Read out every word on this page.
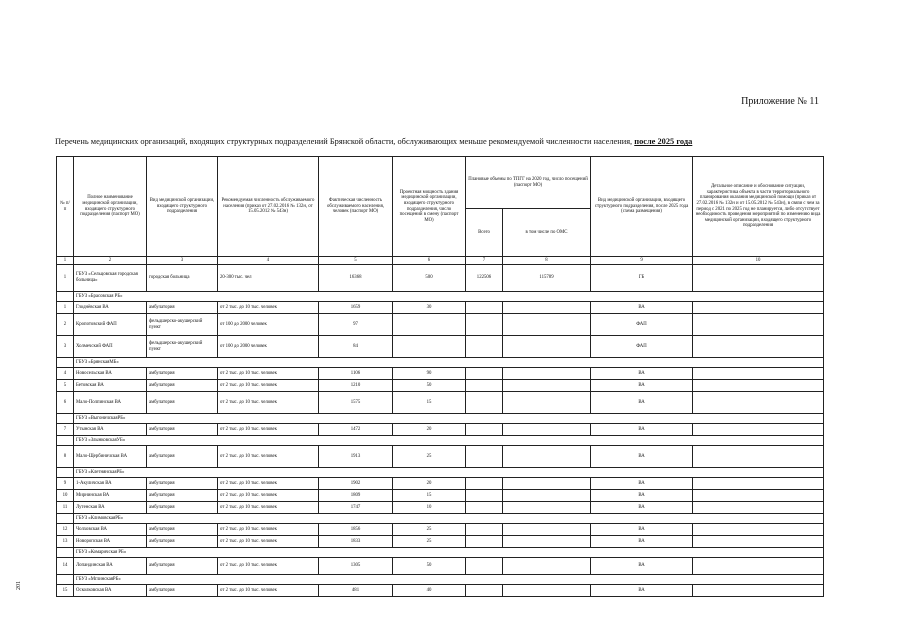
Приложение № 11
Перечень медицинских организаций, входящих структурных подразделений Брянской области, обслуживающих меньше рекомендуемой численности населения, после 2025 года
201
№ п/п	Полное наименование медицинской организации, входящего структурного подразделения (паспорт МО)	Вид медицинской организации, входящего структурного подразделения	Рекомендуемая численность обслуживаемого населения (приказ от 27.02.2016 № 132н, от 15.05.2012 № 543н)	Фактическая численность обслуживаемого населения, человек (паспорт МО)	Проектная мощность здания медицинской организации, входящего структурного подразделения, число посещений в смену (паспорт МО)	Плановые объемы по ТПГГ на 2020 год, число посещений (паспорт МО)		Вид медицинской организации, входящего структурного подразделения, после 2025 года (схема размещения)	Детальное описание и обоснование ситуации, характеристика объекта в части территориального планирования оказания медицинской помощи (приказ от 27.02.2016 № 132н и от 15.05.2012 № 543н), в связи с чем за период с 2021 по 2025 год не планируется, либо отсутствует необходимость проведения мероприятий по изменению вида медицинской организации, входящего структурного подразделения
						Всего	в том числе по ОМС		
1	2	3	4	5	6	7	8	9	10
1	ГБУЗ «Сельцовская городская больница»	городская больница	20-300 тыс. чел	16368	500	122506	115789	ГБ	
	ГБУЗ «Брасовская РБ»								
1	Глоднёвская ВА	амбулатория	от 2 тыс. до 10 тыс. человек	1659	30			ВА	
2	Кропотовский ФАП	фельдшерско-акушерский пункт	от 100 до 2000 человек	97				ФАП	
3	Холмечский ФАП	фельдшерско-акушерский пункт	от 100 до 2000 человек	84				ФАП	
	ГБУЗ «БрянскаяМБ»								
4	Новосельская ВА	амбулатория	от 2 тыс. до 10 тыс. человек	1106	90			ВА	
5	Бетовская ВА	амбулатория	от 2 тыс. до 10 тыс. человек	1210	50			ВА	
6	Мало-Полпинская ВА	амбулатория	от 2 тыс. до 10 тыс. человек	1575	15			ВА	
	ГБУЗ «ВыгоничскаяРБ»								
7	Утынская ВА	амбулатория	от 2 тыс. до 10 тыс. человек	1472	20			ВА	
	ГБУЗ «ЗлынковскаяУБ»								
8	Мало-Щербиничская ВА	амбулатория	от 2 тыс. до 10 тыс. человек	1913	25			ВА	
	ГБУЗ «КлетнянскаяРБ»								
9	1-Акуличская ВА	амбулатория	от 2 тыс. до 10 тыс. человек	1902	20			ВА	
10	Мирнинская ВА	амбулатория	от 2 тыс. до 10 тыс. человек	1809	15			ВА	
11	Лутенская ВА	амбулатория	от 2 тыс. до 10 тыс. человек	1747	10			ВА	
	ГБУЗ «КлимовскаяРБ»								
12	Чолховская ВА	амбулатория	от 2 тыс. до 10 тыс. человек	1856	25			ВА	
13	Новоропская ВА	амбулатория	от 2 тыс. до 10 тыс. человек	1833	25			ВА	
	ГБУЗ «Комаричская РБ»								
14	Лопандинская ВА	амбулатория	от 2 тыс. до 10 тыс. человек	1305	50			ВА	
	ГБУЗ «МглинскаяРБ»								
15	Осколковская ВА	амбулатория	от 2 тыс. до 10 тыс. человек	481	40			ВА	
